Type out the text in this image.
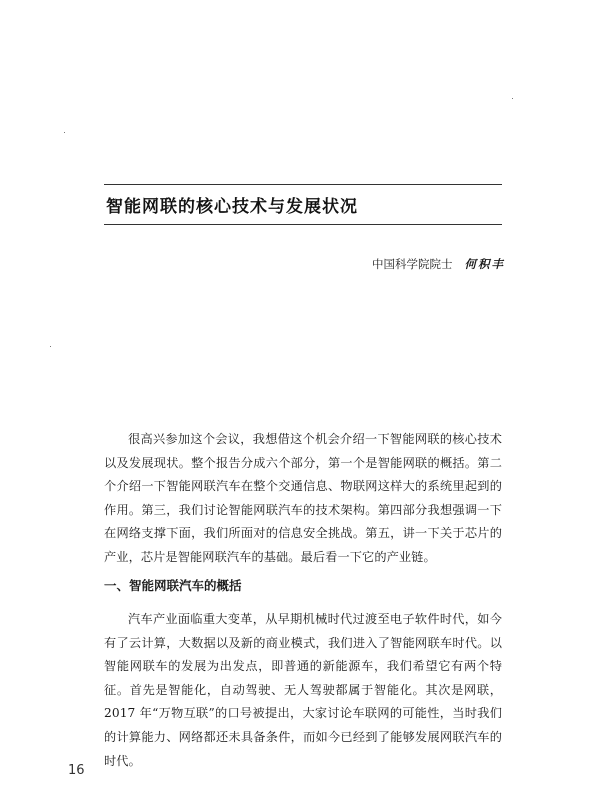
智能网联的核心技术与发展状况
中国科学院院士 何积丰

很高兴参加这个会议，我想借这个机会介绍一下智能网联的核心技术以及发展现状。整个报告分成六个部分，第一个是智能网联的概括。第二个介绍一下智能网联汽车在整个交通信息、物联网这样大的系统里起到的作用。第三，我们讨论智能网联汽车的技术架构。第四部分我想强调一下在网络支撑下面，我们所面对的信息安全挑战。第五，讲一下关于芯片的产业，芯片是智能网联汽车的基础。最后看一下它的产业链。

一、智能网联汽车的概括

汽车产业面临重大变革，从早期机械时代过渡至电子软件时代，如今有了云计算，大数据以及新的商业模式，我们进入了智能网联车时代。以智能网联车的发展为出发点，即普通的新能源车，我们希望它有两个特征。首先是智能化，自动驾驶、无人驾驶都属于智能化。其次是网联，2017 年“万物互联”的口号被提出，大家讨论车联网的可能性，当时我们的计算能力、网络都还未具备条件，而如今已经到了能够发展网联汽车的时代。

16
